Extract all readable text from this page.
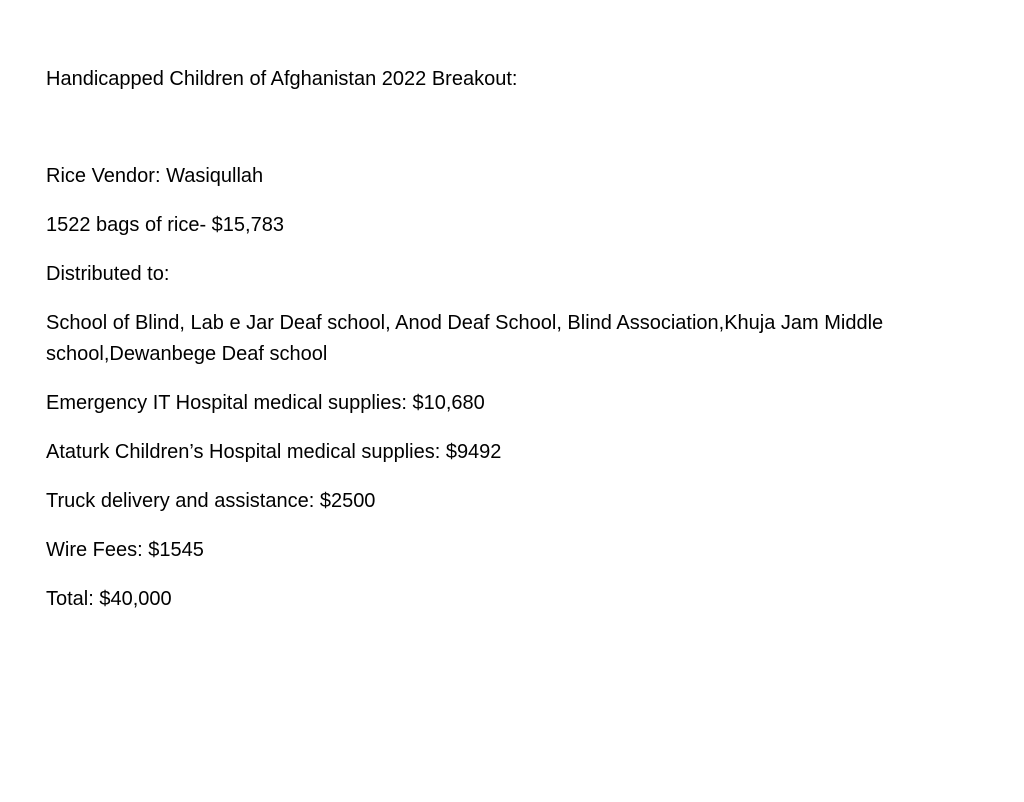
Handicapped Children of Afghanistan 2022 Breakout:

Rice Vendor: Wasiqullah

1522 bags of rice- $15,783

Distributed to:

School of Blind, Lab e Jar Deaf school, Anod Deaf School, Blind Association,Khuja Jam Middle school,Dewanbege Deaf school

Emergency IT Hospital medical supplies: $10,680

Ataturk Children’s Hospital medical supplies: $9492

Truck delivery and assistance: $2500

Wire Fees: $1545

Total: $40,000
